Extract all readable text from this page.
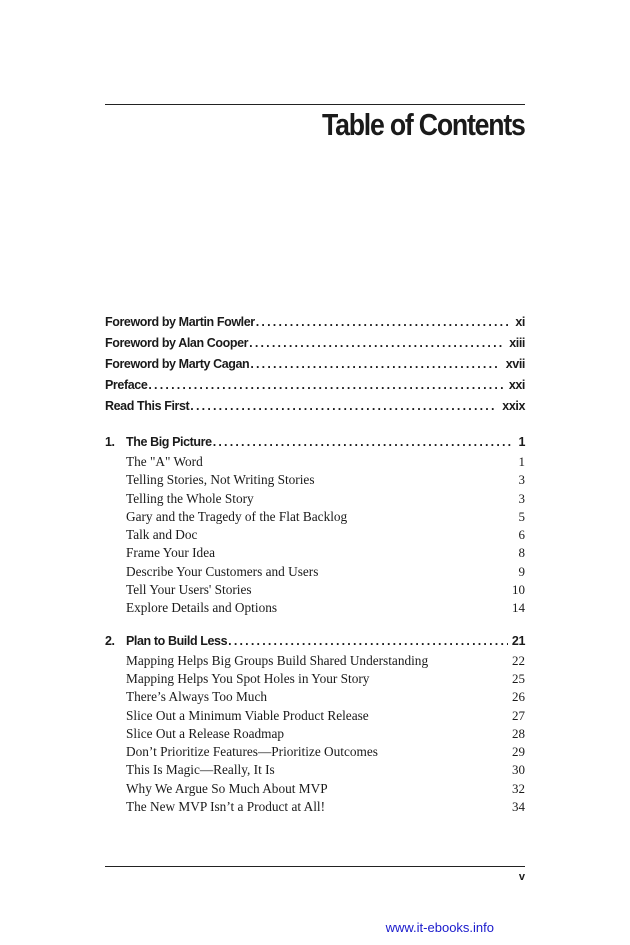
Table of Contents
Foreword by Martin Fowler .....	xi
Foreword by Alan Cooper .....	xiii
Foreword by Marty Cagan .....	xvii
Preface .....	xxi
Read This First .....	xxix
1. The Big Picture .....	1
The "A" Word	1
Telling Stories, Not Writing Stories	3
Telling the Whole Story	3
Gary and the Tragedy of the Flat Backlog	5
Talk and Doc	6
Frame Your Idea	8
Describe Your Customers and Users	9
Tell Your Users' Stories	10
Explore Details and Options	14
2. Plan to Build Less .....	21
Mapping Helps Big Groups Build Shared Understanding	22
Mapping Helps You Spot Holes in Your Story	25
There’s Always Too Much	26
Slice Out a Minimum Viable Product Release	27
Slice Out a Release Roadmap	28
Don’t Prioritize Features—Prioritize Outcomes	29
This Is Magic—Really, It Is	30
Why We Argue So Much About MVP	32
The New MVP Isn’t a Product at All!	34
v
www.it-ebooks.info
